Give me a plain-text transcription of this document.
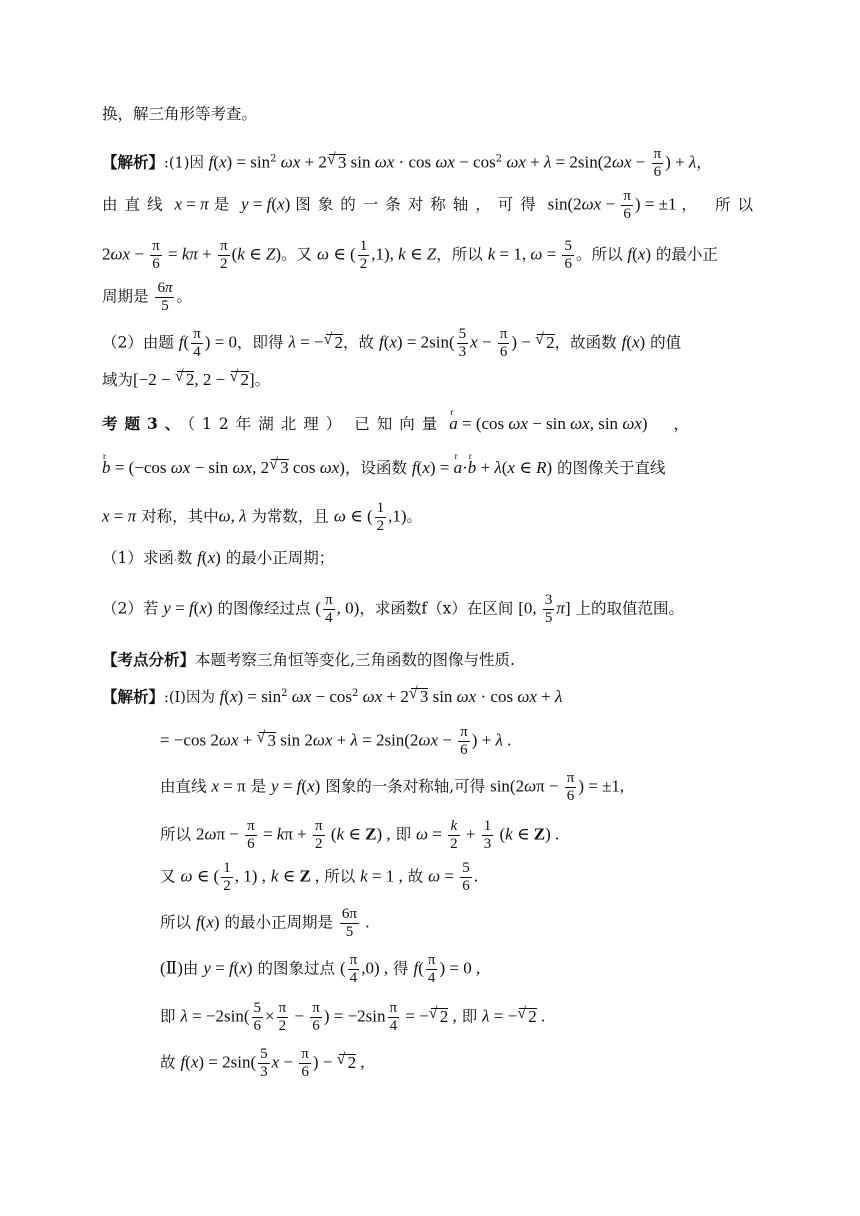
换，解三角形等考查。
【解析】:(1)因 $f(x) = \sin^2 \omega x + 2√$ 3 $\sin \omega x \cdot \cos \omega x - \cos^2 \omega x + \lambda = 2\sin(2\omega x - \frac{\pi}{6}$ ) + λ，
由直线 x = π 是 y = f(x) 图象的一条对称轴，可得 $\sin(2\omega x - \frac{\pi}{6}$ ) = ±1 ， 所以
$2\omega x - \frac{\pi}{6} = k\pi + \frac{\pi}{2} (k$ ∈ Z)。又 ω ∈ ( $\frac{1}{2} ,1$), k ∈ Z，所以 k = 1, $\omega = \frac{5}{6}$ 。所以 f(x) 的最小正
周期是 $\frac{6\pi}{5}$ 。
（2）由题 $f( \frac{\pi}{4}$ ) = 0，即得 λ = −√ 2，故 $f(x) = 2\sin( \frac{5}{3}$ $x - \frac{\pi}{6}$ ) − √ 2，故函数 f(x) 的值
域为[−2 − √ 2, 2 − √ 2]。
考题3、（12年湖北理） 已知向量 r a = (cos ωx − sin ωx, sin ωx) ，
r b = (−cos ωx − sin ωx, 2√ 3 cos ωx)，设函数 f(x) = r a·r b + λ(x ∈ R) 的图像关于直线
x = π 对称，其中ω, λ 为常数，且 ω ∈ ( $\frac{1}{2} ,1$)。
（1）求函·数 f(x) 的最小正周期；
（2）若 y = f(x) 的图像经过点 ( $\frac{\pi}{4}$ , 0)，求函数f（x）在区间 [0, $\frac{3}{5} \pi$] 上的取值范围。
【考点分析】本题考察三角恒等变化,三角函数的图像与性质.
【解析】:(Ⅰ)因为 $f(x) = \sin^2 \omega x - \cos^2 \omega x + 2√$ 3 sin ωx · cos ωx + λ
= −cos 2ωx + √ 3 $\sin 2\omega x + \lambda = 2\sin(2\omega x - \frac{\pi}{6}$ ) + λ .
由直线 x = π 是 y = f(x) 图象的一条对称轴,可得 $\sin(2\omega\pi - \frac{\pi}{6}$ ) = ±1,
所以 $2\omega\pi - \frac{\pi}{6} = k\pi + \frac{\pi}{2} (k$ ∈ Z) , 即 $\omega = \frac{k}{2} + \frac{1}{3} (k$ ∈ Z) .
又 ω ∈ ( $\frac{1}{2}$ , 1) , k ∈ Z , 所以 k = 1 , 故 $\omega = \frac{5}{6}$ .
所以 f(x) 的最小正周期是 $\frac{6\pi}{5}$ .
(Ⅱ)由 y = f(x) 的图象过点 ( $\frac{\pi}{4} ,0$) , 得 $f( \frac{\pi}{4}$ ) = 0 ,
即 $\lambda = -2\sin( \frac{5}{6} \times \frac{\pi}{2} - \frac{\pi}{6}$ ) = $-2\sin \frac{\pi}{4}$ = −√ 2 , 即 λ = −√ 2 .
故 $f(x) = 2\sin( \frac{5}{3}$ $x - \frac{\pi}{6}$ ) − √ 2 ,
